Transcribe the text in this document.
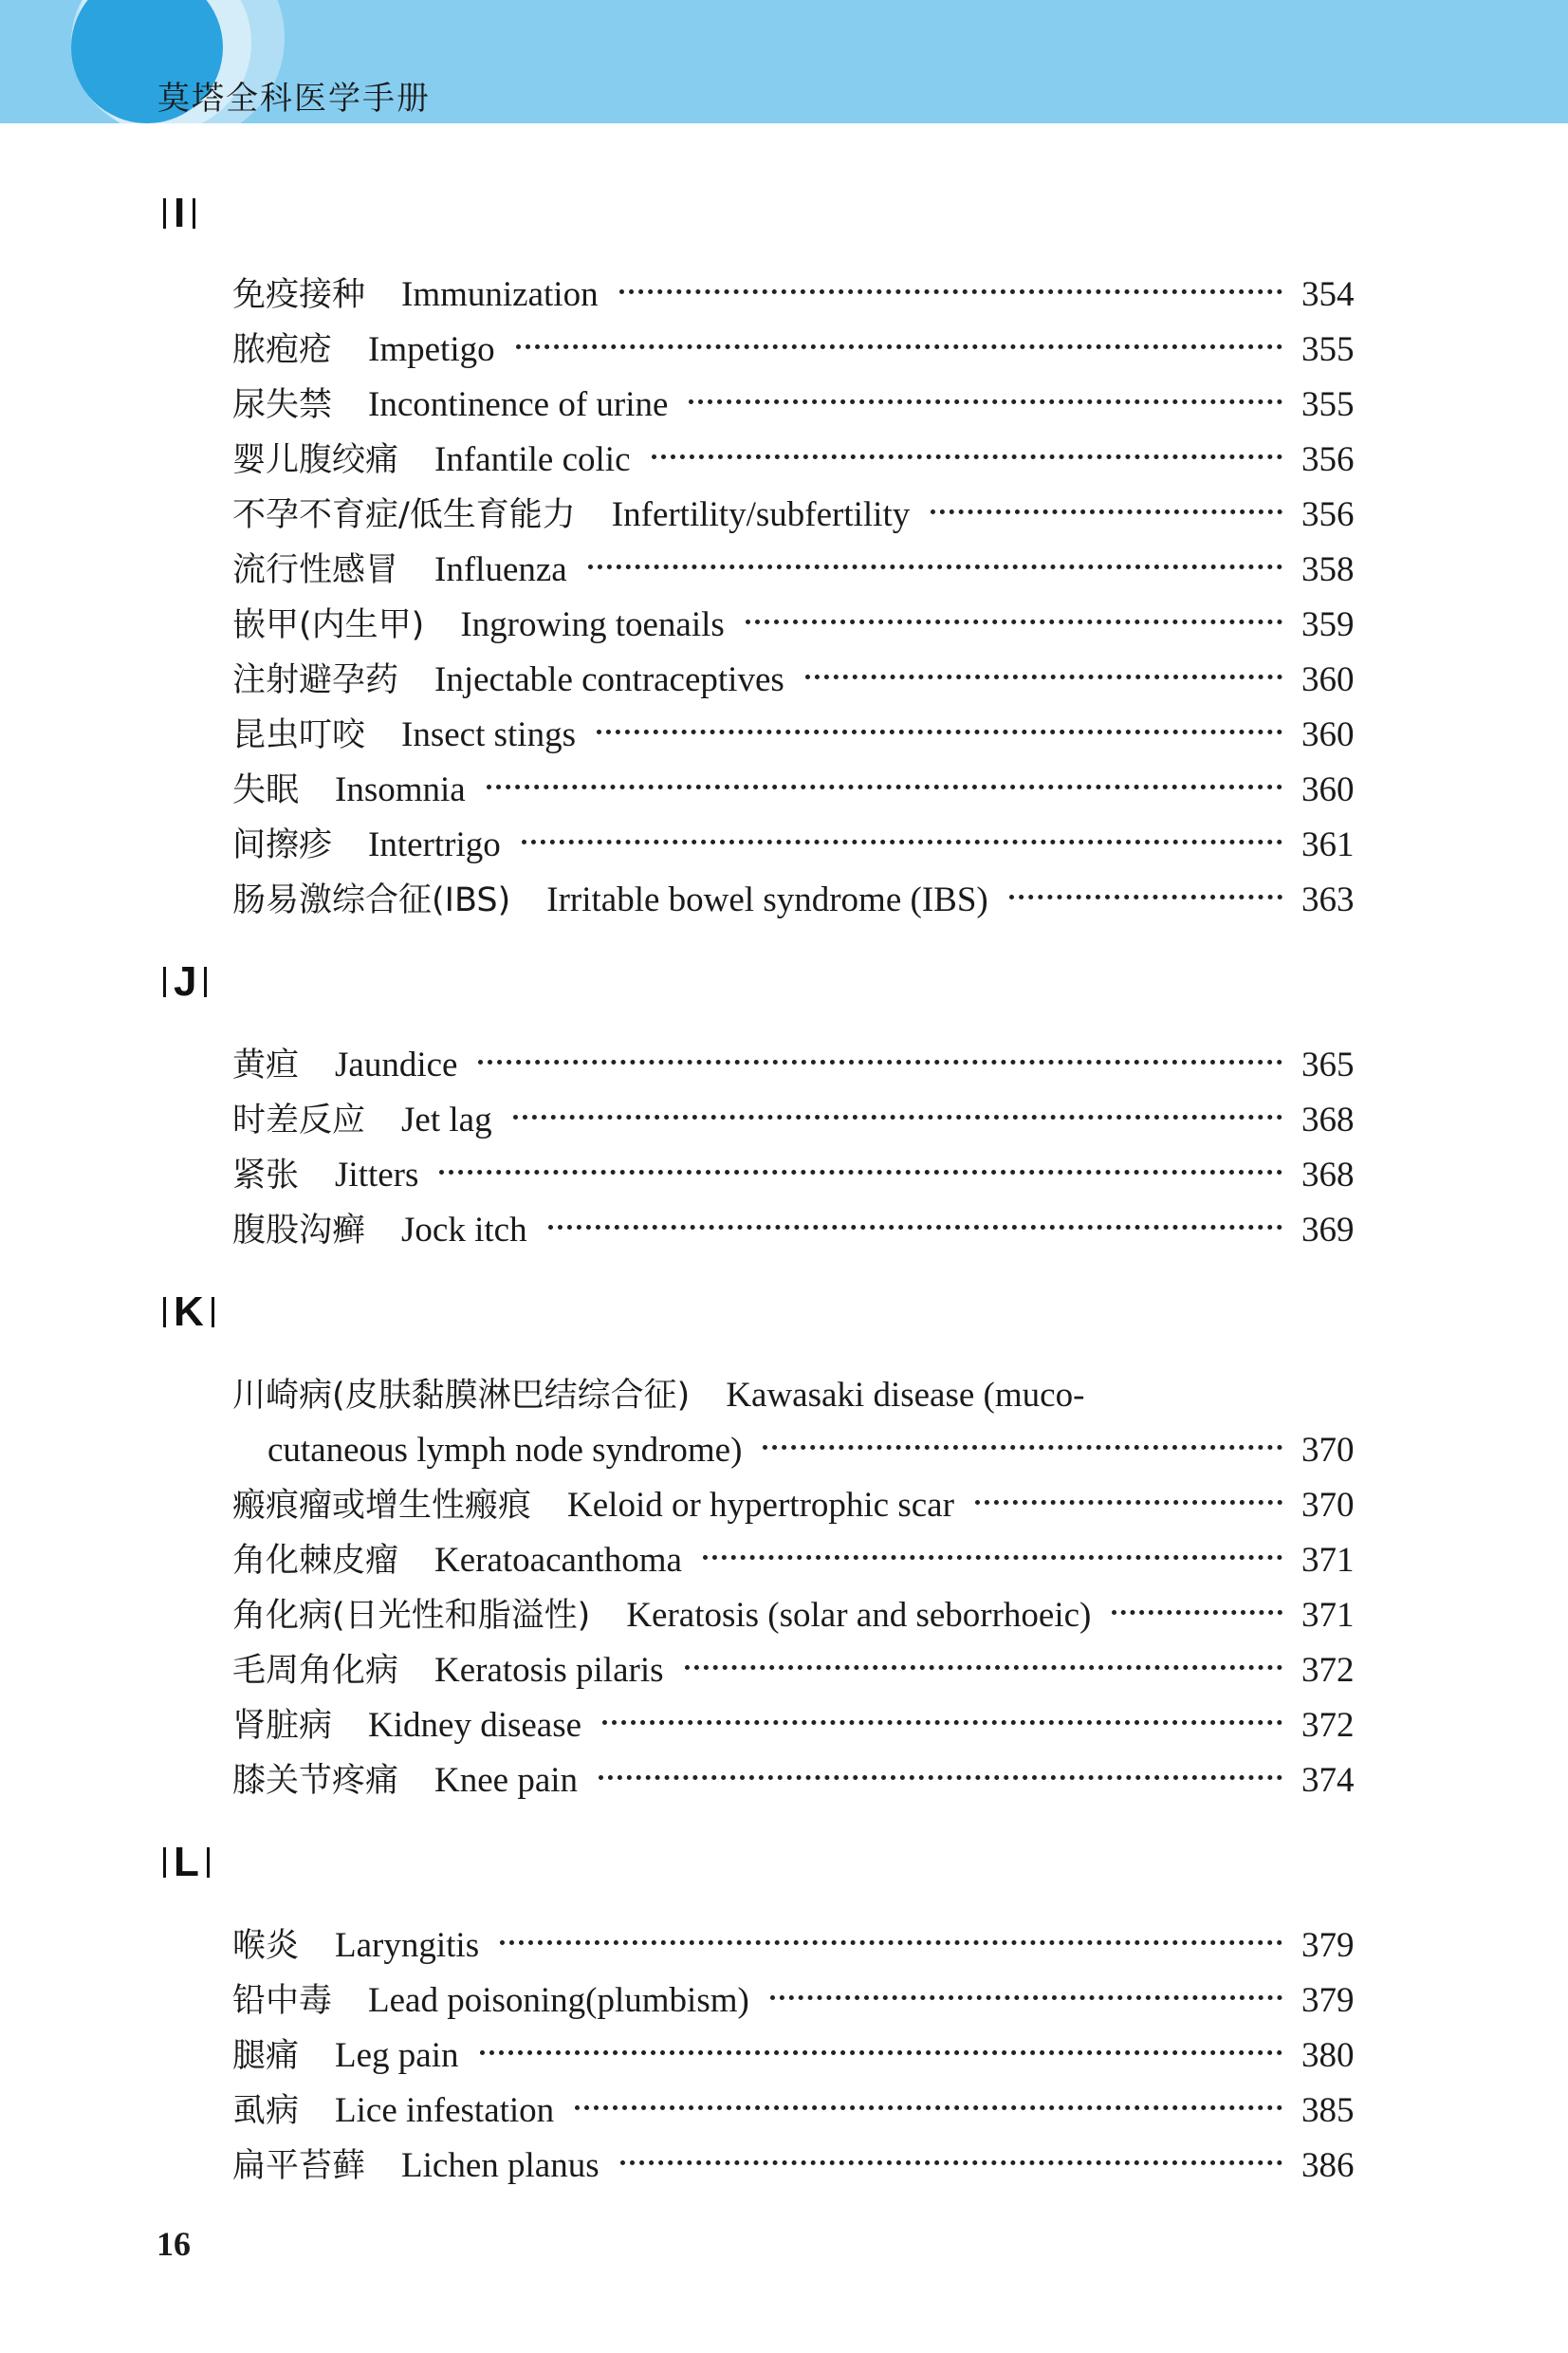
莫塔全科医学手册
I
免疫接种 Immunization	354
脓疱疮 Impetigo	355
尿失禁 Incontinence of urine	355
婴儿腹绞痛 Infantile colic	356
不孕不育症/低生育能力 Infertility/subfertility	356
流行性感冒 Influenza	358
嵌甲(内生甲) Ingrowing toenails	359
注射避孕药 Injectable contraceptives	360
昆虫叮咬 Insect stings	360
失眠 Insomnia	360
间擦疹 Intertrigo	361
肠易激综合征(IBS) Irritable bowel syndrome (IBS)	363
J
黄疸 Jaundice	365
时差反应 Jet lag	368
紧张 Jitters	368
腹股沟癣 Jock itch	369
K
川崎病(皮肤黏膜淋巴结综合征) Kawasaki disease (muco-
cutaneous lymph node syndrome)	370
瘢痕瘤或增生性瘢痕 Keloid or hypertrophic scar	370
角化棘皮瘤 Keratoacanthoma	371
角化病(日光性和脂溢性) Keratosis (solar and seborrhoeic)	371
毛周角化病 Keratosis pilaris	372
肾脏病 Kidney disease	372
膝关节疼痛 Knee pain	374
L
喉炎 Laryngitis	379
铅中毒 Lead poisoning(plumbism)	379
腿痛 Leg pain	380
虱病 Lice infestation	385
扁平苔藓 Lichen planus	386
16
